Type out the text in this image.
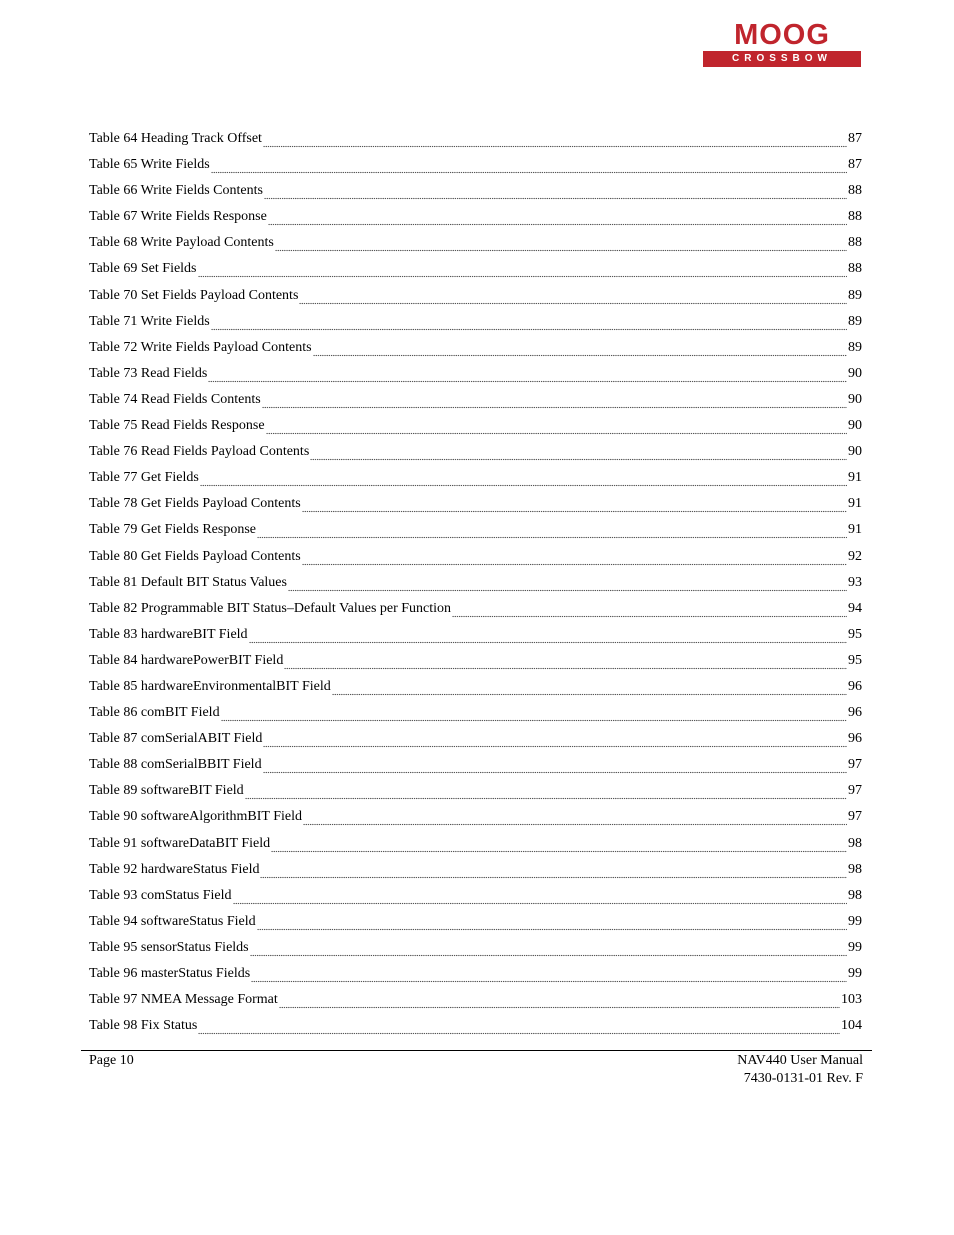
MOOG
CROSSBOW
Table 64 Heading Track Offset	87
Table 65 Write Fields	87
Table 66 Write Fields Contents	88
Table 67 Write Fields Response	88
Table 68 Write Payload Contents	88
Table 69 Set Fields	88
Table 70 Set Fields Payload Contents	89
Table 71 Write Fields	89
Table 72 Write Fields Payload Contents	89
Table 73 Read Fields	90
Table 74 Read Fields Contents	90
Table 75 Read Fields Response	90
Table 76 Read Fields Payload Contents	90
Table 77 Get Fields	91
Table 78 Get Fields Payload Contents	91
Table 79 Get Fields Response	91
Table 80 Get Fields Payload Contents	92
Table 81 Default BIT Status Values	93
Table 82 Programmable BIT Status–Default Values per Function	94
Table 83 hardwareBIT Field	95
Table 84 hardwarePowerBIT Field	95
Table 85 hardwareEnvironmentalBIT Field	96
Table 86 comBIT Field	96
Table 87 comSerialABIT Field	96
Table 88 comSerialBBIT Field	97
Table 89 softwareBIT Field	97
Table 90 softwareAlgorithmBIT Field	97
Table 91 softwareDataBIT Field	98
Table 92 hardwareStatus Field	98
Table 93 comStatus Field	98
Table 94 softwareStatus Field	99
Table 95 sensorStatus Fields	99
Table 96 masterStatus Fields	99
Table 97 NMEA Message Format	103
Table 98 Fix Status	104
Page 10	NAV440 User Manual
7430-0131-01 Rev. F
